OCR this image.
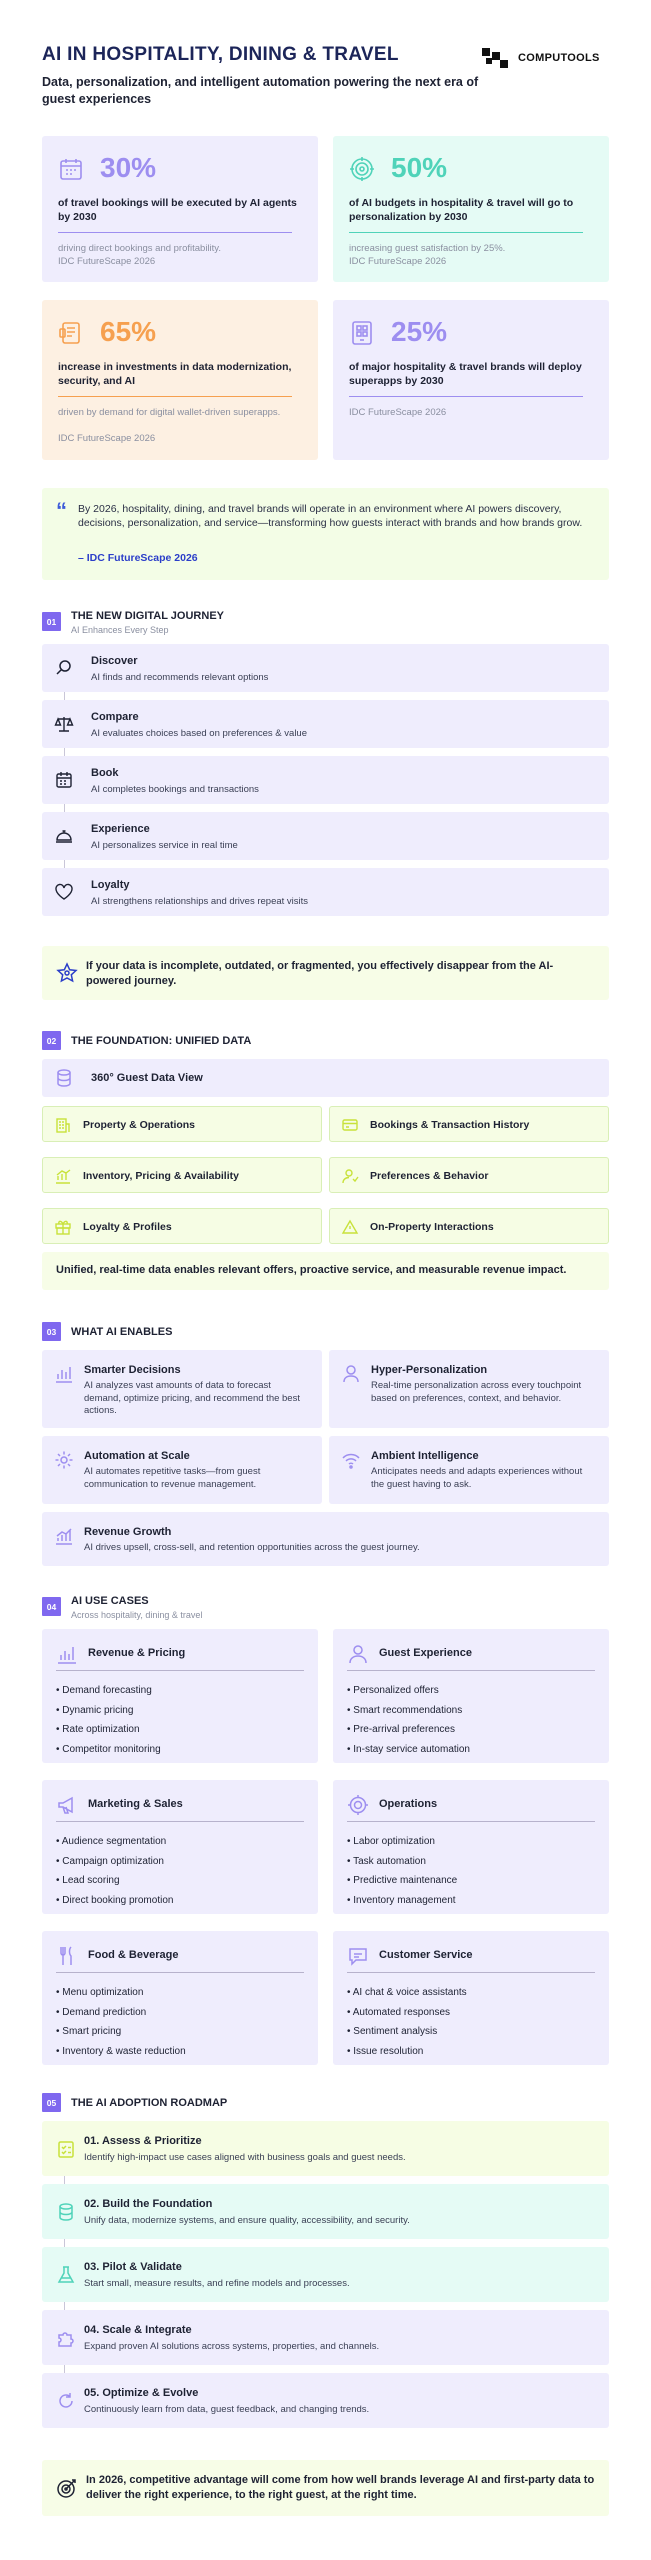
AI IN HOSPITALITY, DINING & TRAVEL
Data, personalization, and intelligent automation powering the next era of guest experiences
COMPUTOOLS
30%
of travel bookings will be executed by AI agents by 2030
driving direct bookings and profitability.
IDC FutureScape 2026
50%
of AI budgets in hospitality & travel will go to personalization by 2030
increasing guest satisfaction by 25%.
IDC FutureScape 2026
65%
increase in investments in data modernization, security, and AI
driven by demand for digital wallet-driven superapps.
IDC FutureScape 2026
25%
of major hospitality & travel brands will deploy superapps by 2030
IDC FutureScape 2026
“ By 2026, hospitality, dining, and travel brands will operate in an environment where AI powers discovery, decisions, personalization, and service—transforming how guests interact with brands and how brands grow.
– IDC FutureScape 2026
01	THE NEW DIGITAL JOURNEY
AI Enhances Every Step
Discover
AI finds and recommends relevant options
Compare
AI evaluates choices based on preferences & value
Book
AI completes bookings and transactions
Experience
AI personalizes service in real time
Loyalty
AI strengthens relationships and drives repeat visits
If your data is incomplete, outdated, or fragmented, you effectively disappear from the AI-powered journey.
02	THE FOUNDATION: UNIFIED DATA
360° Guest Data View
Property & Operations	Bookings & Transaction History
Inventory, Pricing & Availability	Preferences & Behavior
Loyalty & Profiles	On-Property Interactions
Unified, real-time data enables relevant offers, proactive service, and measurable revenue impact.
03	WHAT AI ENABLES
Smarter Decisions
AI analyzes vast amounts of data to forecast demand, optimize pricing, and recommend the best actions.
Hyper-Personalization
Real-time personalization across every touchpoint based on preferences, context, and behavior.
Automation at Scale
AI automates repetitive tasks—from guest communication to revenue management.
Ambient Intelligence
Anticipates needs and adapts experiences without the guest having to ask.
Revenue Growth
AI drives upsell, cross-sell, and retention opportunities across the guest journey.
04	AI USE CASES
Across hospitality, dining & travel
Revenue & Pricing
• Demand forecasting
• Dynamic pricing
• Rate optimization
• Competitor monitoring
Guest Experience
• Personalized offers
• Smart recommendations
• Pre-arrival preferences
• In-stay service automation
Marketing & Sales
• Audience segmentation
• Campaign optimization
• Lead scoring
• Direct booking promotion
Operations
• Labor optimization
• Task automation
• Predictive maintenance
• Inventory management
Food & Beverage
• Menu optimization
• Demand prediction
• Smart pricing
• Inventory & waste reduction
Customer Service
• AI chat & voice assistants
• Automated responses
• Sentiment analysis
• Issue resolution
05	THE AI ADOPTION ROADMAP
01. Assess & Prioritize
Identify high-impact use cases aligned with business goals and guest needs.
02. Build the Foundation
Unify data, modernize systems, and ensure quality, accessibility, and security.
03. Pilot & Validate
Start small, measure results, and refine models and processes.
04. Scale & Integrate
Expand proven AI solutions across systems, properties, and channels.
05. Optimize & Evolve
Continuously learn from data, guest feedback, and changing trends.
In 2026, competitive advantage will come from how well brands leverage AI and first-party data to deliver the right experience, to the right guest, at the right time.
